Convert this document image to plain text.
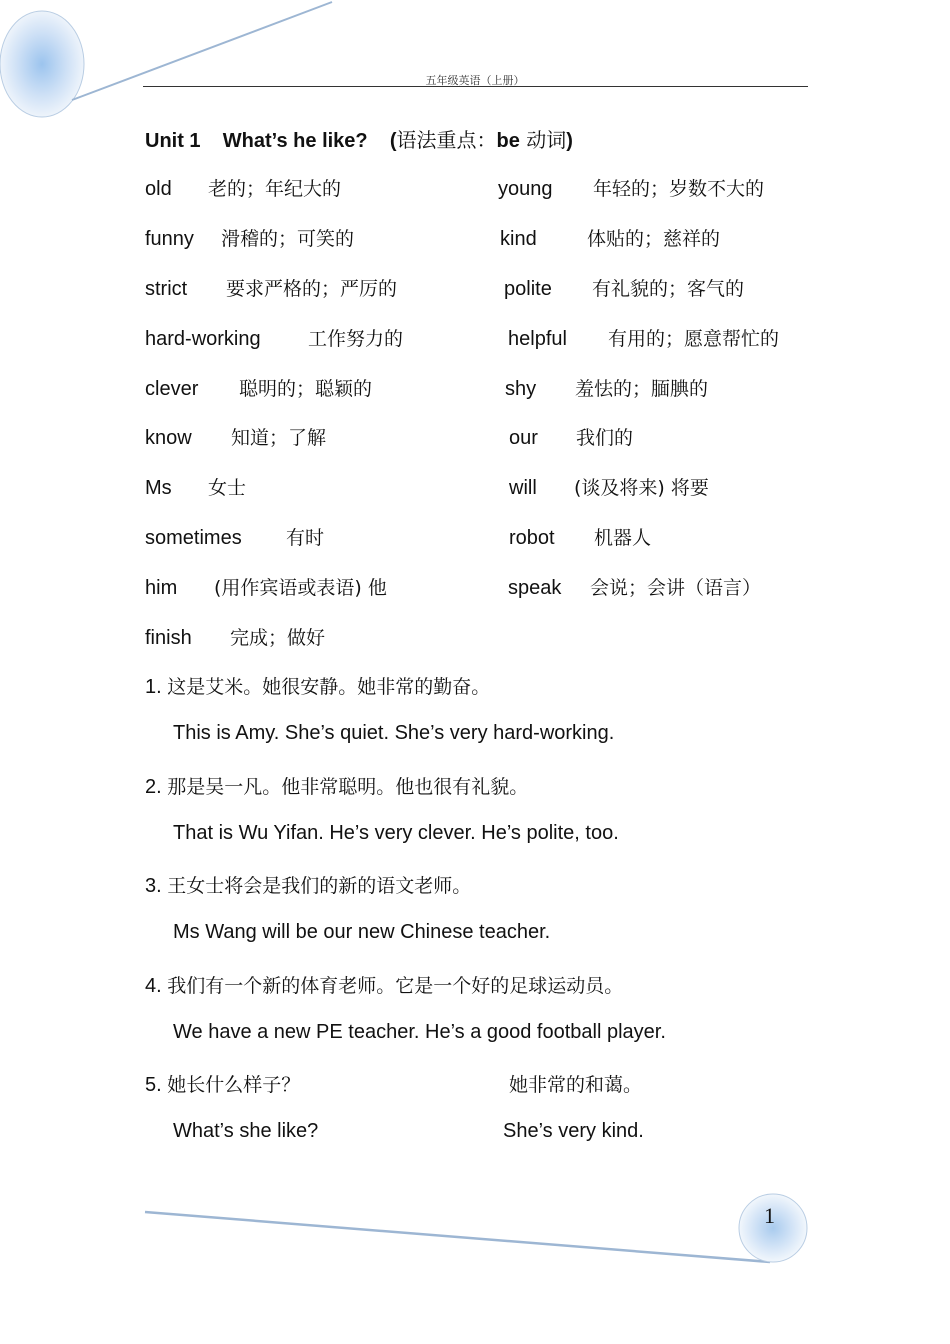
五年级英语（上册）
Unit 1 What’s he like? (语法重点：be 动词)
old 老的；年纪大的	young 年轻的；岁数不大的
funny 滑稽的；可笑的	kind	体贴的；慈祥的
strict 要求严格的；严厉的	polite 有礼貌的；客气的
hard-working 工作努力的	helpful 有用的；愿意帮忙的
clever 聪明的；聪颖的	shy 羞怯的；腼腆的
know 知道；了解	our 我们的
Ms 女士	will (谈及将来) 将要
sometimes 有时	robot 机器人
him (用作宾语或表语) 他	speak 会说；会讲（语言）
finish 完成；做好
1. 这是艾米。她很安静。她非常的勤奋。
This is Amy. She’s quiet. She’s very hard-working.
2. 那是吴一凡。他非常聪明。他也很有礼貌。
That is Wu Yifan. He’s very clever. He’s polite, too.
3. 王女士将会是我们的新的语文老师。
Ms Wang will be our new Chinese teacher.
4. 我们有一个新的体育老师。它是一个好的足球运动员。
We have a new PE teacher. He’s a good football player.
5. 她长什么样子？	她非常的和蔼。
What’s she like?	She’s very kind.
1
